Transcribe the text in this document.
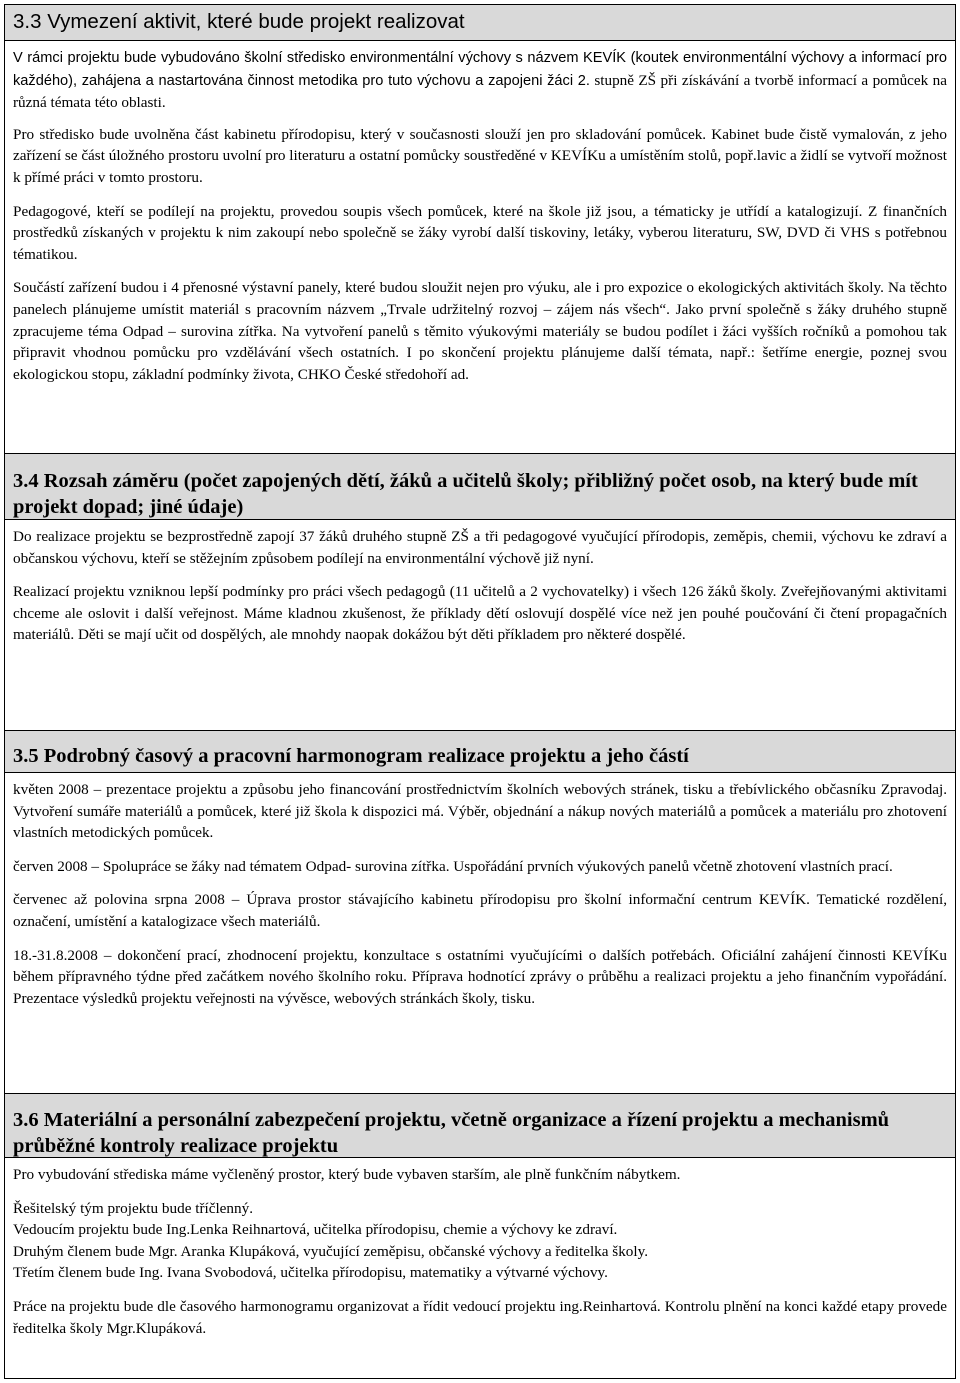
3.3 Vymezení aktivit, které bude projekt realizovat

V rámci projektu bude vybudováno školní středisko environmentální výchovy s názvem KEVÍK (koutek environmentální výchovy a informací pro každého), zahájena a nastartována činnost metodika pro tuto výchovu a zapojeni žáci 2. stupně ZŠ při získávání a tvorbě informací a pomůcek na různá témata této oblasti.

Pro středisko bude uvolněna část kabinetu přírodopisu, který v současnosti slouží jen pro skladování pomůcek. Kabinet bude čistě vymalován, z jeho zařízení se část úložného prostoru uvolní pro literaturu a ostatní pomůcky soustředěné v KEVÍKu a umístěním stolů, popř.lavic a židlí se vytvoří možnost k přímé práci v tomto prostoru.

Pedagogové, kteří se podílejí na projektu, provedou soupis všech pomůcek, které na škole již jsou, a tématicky je utřídí a katalogizují. Z finančních prostředků získaných v projektu k nim zakoupí nebo společně se žáky vyrobí další tiskoviny, letáky, vyberou literaturu, SW, DVD či VHS s potřebnou tématikou.

Součástí zařízení budou i 4 přenosné výstavní panely, které budou sloužit nejen pro výuku, ale i pro expozice o ekologických aktivitách školy. Na těchto panelech plánujeme umístit materiál s pracovním názvem „Trvale udržitelný rozvoj – zájem nás všech“. Jako první společně s žáky druhého stupně zpracujeme téma Odpad – surovina zítřka. Na vytvoření panelů s těmito výukovými materiály se budou podílet i žáci vyšších ročníků a pomohou tak připravit vhodnou pomůcku pro vzdělávání všech ostatních. I po skončení projektu plánujeme další témata, např.: šetříme energie, poznej svou ekologickou stopu, základní podmínky života, CHKO České středohoří ad.

3.4 Rozsah záměru (počet zapojených dětí, žáků a učitelů školy; přibližný počet osob, na který bude mít projekt dopad; jiné údaje)

Do realizace projektu se bezprostředně zapojí 37 žáků druhého stupně ZŠ a tři pedagogové vyučující přírodopis, zeměpis, chemii, výchovu ke zdraví a občanskou výchovu, kteří se stěžejním způsobem podílejí na environmentální výchově již nyní.

Realizací projektu vzniknou lepší podmínky pro práci všech pedagogů (11 učitelů a 2 vychovatelky) i všech 126 žáků školy. Zveřejňovanými aktivitami chceme ale oslovit i další veřejnost. Máme kladnou zkušenost, že příklady dětí oslovují dospělé více než jen pouhé poučování či čtení propagačních materiálů. Děti se mají učit od dospělých, ale mnohdy naopak dokážou být děti příkladem pro některé dospělé.

3.5 Podrobný časový a pracovní harmonogram realizace projektu a jeho částí

květen 2008 – prezentace projektu a způsobu jeho financování prostřednictvím školních webových stránek, tisku a třebívlického občasníku Zpravodaj. Vytvoření sumáře materiálů a pomůcek, které již škola k dispozici má. Výběr, objednání a nákup nových materiálů a pomůcek a materiálu pro zhotovení vlastních metodických pomůcek.

červen 2008 – Spolupráce se žáky nad tématem Odpad- surovina zítřka. Uspořádání prvních výukových panelů včetně zhotovení vlastních prací.

červenec až polovina srpna 2008 – Úprava prostor stávajícího kabinetu přírodopisu pro školní informační centrum KEVÍK. Tematické rozdělení, označení, umístění a katalogizace všech materiálů.

18.-31.8.2008 – dokončení prací, zhodnocení projektu, konzultace s ostatními vyučujícími o dalších potřebách. Oficiální zahájení činnosti KEVÍKu během přípravného týdne před začátkem nového školního roku. Příprava hodnotící zprávy o průběhu a realizaci projektu a jeho finančním vypořádání. Prezentace výsledků projektu veřejnosti na vývěsce, webových stránkách školy, tisku.

3.6 Materiální a personální zabezpečení projektu, včetně organizace a řízení projektu a mechanismů průběžné kontroly realizace projektu

Pro vybudování střediska máme vyčleněný prostor, který bude vybaven starším, ale plně funkčním nábytkem.

Řešitelský tým projektu bude tříčlenný.
Vedoucím projektu bude Ing.Lenka Reihnartová, učitelka přírodopisu, chemie a výchovy ke zdraví.
Druhým členem bude Mgr. Aranka Klupáková, vyučující zeměpisu, občanské výchovy a ředitelka školy.
Třetím členem bude Ing. Ivana Svobodová, učitelka přírodopisu, matematiky a výtvarné výchovy.

Práce na projektu bude dle časového harmonogramu organizovat a řídit vedoucí projektu ing.Reinhartová. Kontrolu plnění na konci každé etapy provede ředitelka školy Mgr.Klupáková.
